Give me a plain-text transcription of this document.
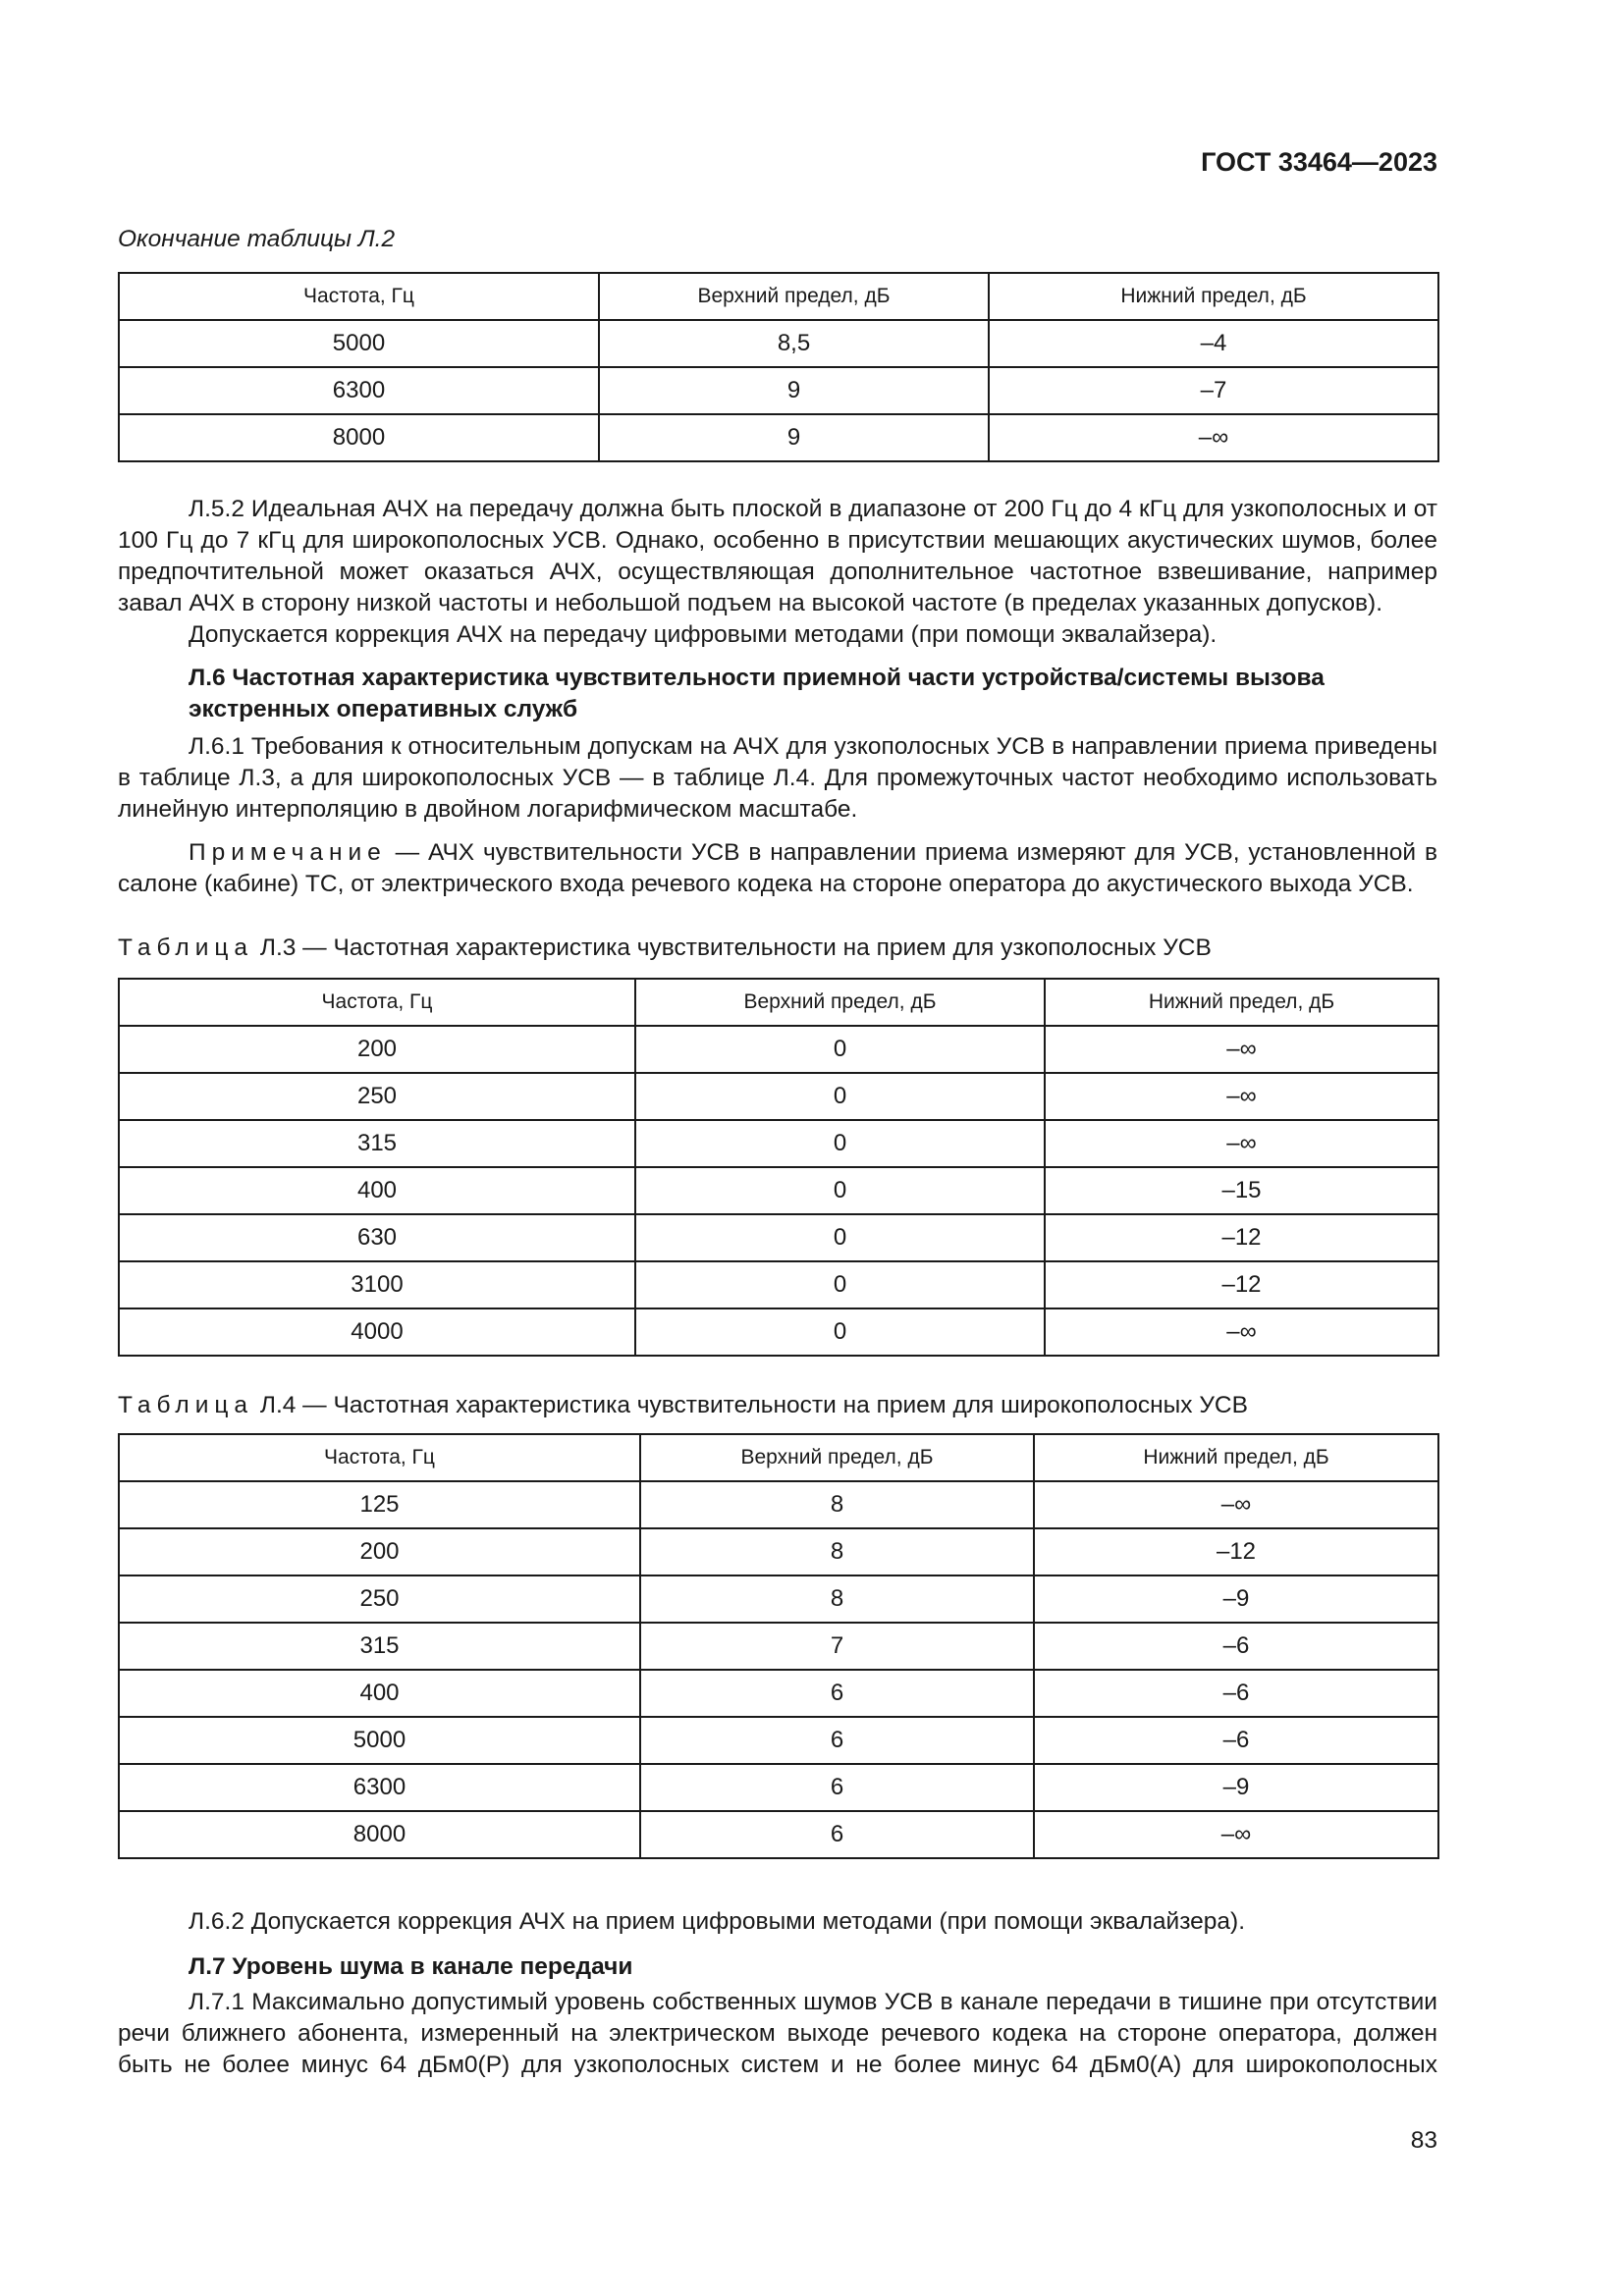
ГОСТ 33464—2023
Окончание таблицы Л.2
Частота, Гц	Верхний предел, дБ	Нижний предел, дБ
5000	8,5	–4
6300	9	–7
8000	9	–∞

Л.5.2 Идеальная АЧХ на передачу должна быть плоской в диапазоне от 200 Гц до 4 кГц для узкополосных и от 100 Гц до 7 кГц для широкополосных УСВ. Однако, особенно в присутствии мешающих акустических шумов, более предпочтительной может оказаться АЧХ, осуществляющая дополнительное частотное взвешивание, например завал АЧХ в сторону низкой частоты и небольшой подъем на высокой частоте (в пределах указанных допусков).

Допускается коррекция АЧХ на передачу цифровыми методами (при помощи эквалайзера).

Л.6 Частотная характеристика чувствительности приемной части устройства/системы вызова экстренных оперативных служб

Л.6.1 Требования к относительным допускам на АЧХ для узкополосных УСВ в направлении приема приведены в таблице Л.3, а для широкополосных УСВ — в таблице Л.4. Для промежуточных частот необходимо использовать линейную интерполяцию в двойном логарифмическом масштабе.

Примечание — АЧХ чувствительности УСВ в направлении приема измеряют для УСВ, установленной в салоне (кабине) ТС, от электрического входа речевого кодека на стороне оператора до акустического выхода УСВ.

Таблица Л.3 — Частотная характеристика чувствительности на прием для узкополосных УСВ
Частота, Гц	Верхний предел, дБ	Нижний предел, дБ
200	0	–∞
250	0	–∞
315	0	–∞
400	0	–15
630	0	–12
3100	0	–12
4000	0	–∞
Таблица Л.4 — Частотная характеристика чувствительности на прием для широкополосных УСВ
Частота, Гц	Верхний предел, дБ	Нижний предел, дБ
125	8	–∞
200	8	–12
250	8	–9
315	7	–6
400	6	–6
5000	6	–6
6300	6	–9
8000	6	–∞

Л.6.2 Допускается коррекция АЧХ на прием цифровыми методами (при помощи эквалайзера).

Л.7 Уровень шума в канале передачи

Л.7.1 Максимально допустимый уровень собственных шумов УСВ в канале передачи в тишине при отсутствии речи ближнего абонента, измеренный на электрическом выходе речевого кодека на стороне оператора, должен быть не более минус 64 дБм0(Р) для узкополосных систем и не более минус 64 дБм0(А) для широкополосных

83
